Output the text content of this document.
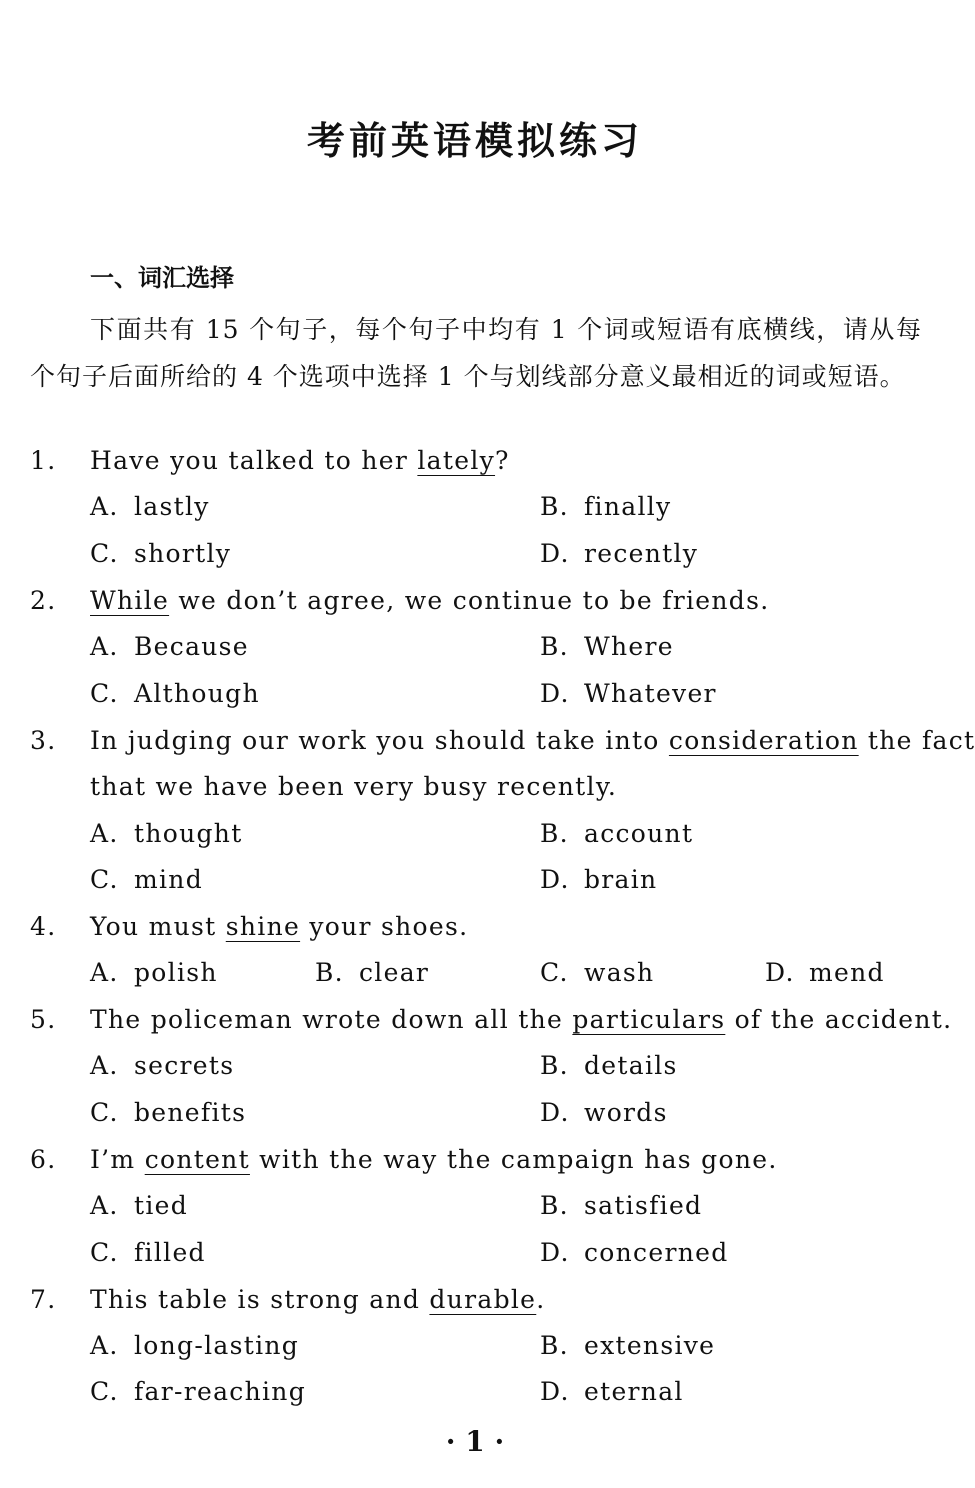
考前英语模拟练习
一、词汇选择
下面共有 15 个句子，每个句子中均有 1 个词或短语有底横线，请从每个句子后面所给的 4 个选项中选择 1 个与划线部分意义最相近的词或短语。
1. Have you talked to her lately?
A. lastly	B. finally
C. shortly	D. recently
2. While we don’t agree, we continue to be friends.
A. Because	B. Where
C. Although	D. Whatever
3. In judging our work you should take into consideration the fact
that we have been very busy recently.
A. thought	B. account
C. mind	D. brain
4. You must shine your shoes.
A. polish	B. clear	C. wash	D. mend
5. The policeman wrote down all the particulars of the accident.
A. secrets	B. details
C. benefits	D. words
6. I’m content with the way the campaign has gone.
A. tied	B. satisfied
C. filled	D. concerned
7. This table is strong and durable.
A. long-lasting	B. extensive
C. far-reaching	D. eternal
· 1 ·
